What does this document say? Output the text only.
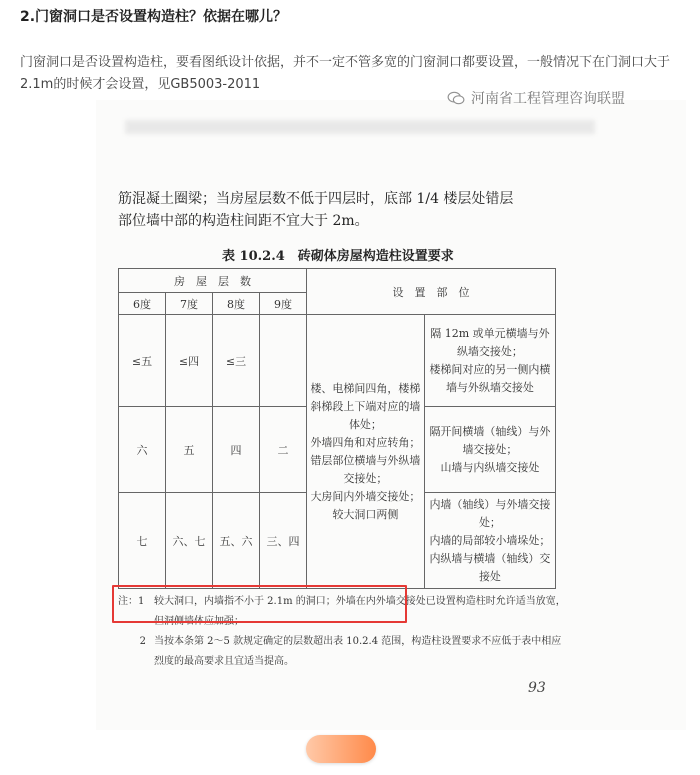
2.门窗洞口是否设置构造柱？依据在哪儿？
门窗洞口是否设置构造柱，要看图纸设计依据，并不一定不管多宽的门窗洞口都要设置，一般情况下在门洞口大于2.1m的时候才会设置，见GB5003-2011
河南省工程管理咨询联盟
筋混凝土圈梁；当房屋层数不低于四层时，底部 1/4 楼层处错层
部位墙中部的构造柱间距不宜大于 2m。
表 10.2.4　砖砌体房屋构造柱设置要求
房　屋　层　数				设　置　部　位	
6度	7度	8度	9度		
≤五	≤四	≤三		楼、电梯间四角，楼梯斜梯段上下端对应的墙体处；
外墙四角和对应转角；
错层部位横墙与外纵墙交接处；
大房间内外墙交接处；
较大洞口两侧	隔 12m 或单元横墙与外纵墙交接处；
楼梯间对应的另一侧内横墙与外纵墙交接处
六	五	四	二		隔开间横墙（轴线）与外墙交接处；
山墙与内纵墙交接处
七	六、七	五、六	三、四		内墙（轴线）与外墙交接处；
内墙的局部较小墙垛处；
内纵墙与横墙（轴线）交接处
注：1 较大洞口，内墙指不小于 2.1m 的洞口；外墙在内外墙交接处已设置构造柱时允许适当放宽，但洞侧墙体应加强；
2 当按本条第 2～5 款规定确定的层数超出表 10.2.4 范围，构造柱设置要求不应低于表中相应烈度的最高要求且宜适当提高。
93
